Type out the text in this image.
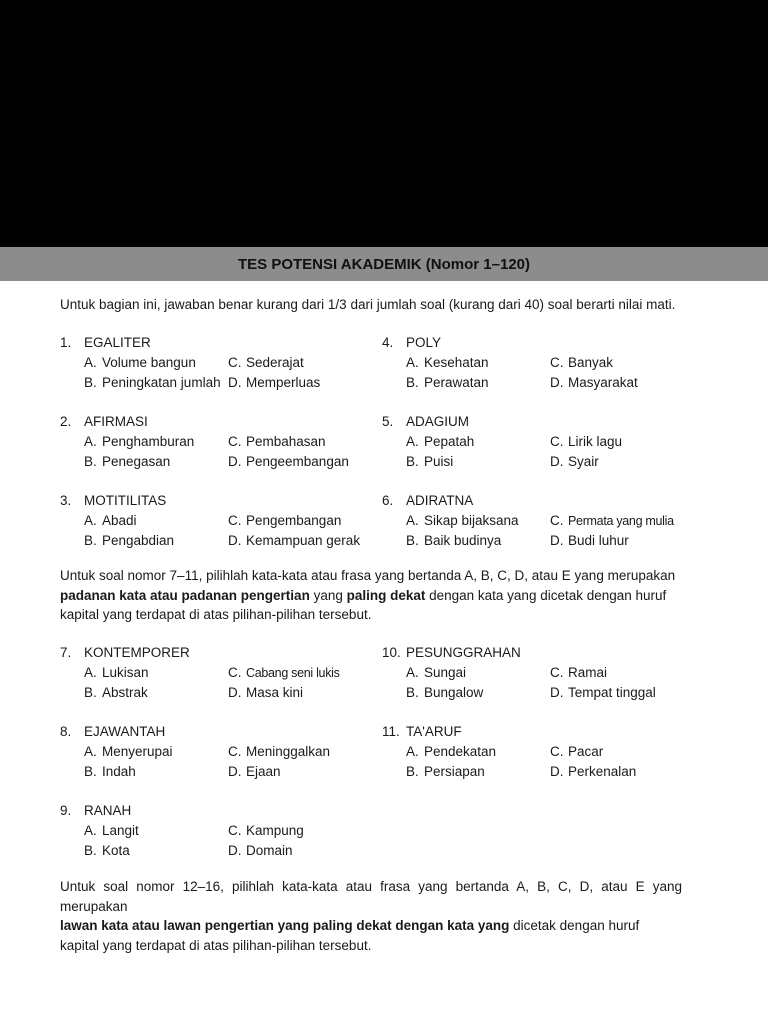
TES POTENSI AKADEMIK (Nomor 1–120)
Untuk bagian ini, jawaban benar kurang dari 1/3 dari jumlah soal (kurang dari 40) soal berarti nilai mati.
1. EGALITER
A. Volume bangun
B. Peningkatan jumlah
C. Sederajat
D. Memperluas
2. AFIRMASI
A. Penghamburan
B. Penegasan
C. Pembahasan
D. Pengeembangan
3. MOTITILITAS
A. Abadi
B. Pengabdian
C. Pengembangan
D. Kemampuan gerak
4. POLY
A. Kesehatan
B. Perawatan
C. Banyak
D. Masyarakat
5. ADAGIUM
A. Pepatah
B. Puisi
C. Lirik lagu
D. Syair
6. ADIRATNA
A. Sikap bijaksana
B. Baik budinya
C. Permata yang mulia
D. Budi luhur
7. KONTEMPORER
A. Lukisan
B. Abstrak
C. Cabang seni lukis
D. Masa kini
8. EJAWANTAH
A. Menyerupai
B. Indah
C. Meninggalkan
D. Ejaan
9. RANAH
A. Langit
B. Kota
C. Kampung
D. Domain
10. PESUNGGRAHAN
A. Sungai
B. Bungalow
C. Ramai
D. Tempat tinggal
11. TA'ARUF
A. Pendekatan
B. Persiapan
C. Pacar
D. Perkenalan
Untuk soal nomor 7–11, pilihlah kata-kata atau frasa yang bertanda A, B, C, D, atau E yang merupakan
padanan kata atau padanan pengertian yang paling dekat dengan kata yang dicetak dengan huruf
kapital yang terdapat di atas pilihan-pilihan tersebut.
Untuk soal nomor 12–16, pilihlah kata-kata atau frasa yang bertanda A, B, C, D, atau E yang merupakan
lawan kata atau lawan pengertian yang paling dekat dengan kata yang dicetak dengan huruf
kapital yang terdapat di atas pilihan-pilihan tersebut.
